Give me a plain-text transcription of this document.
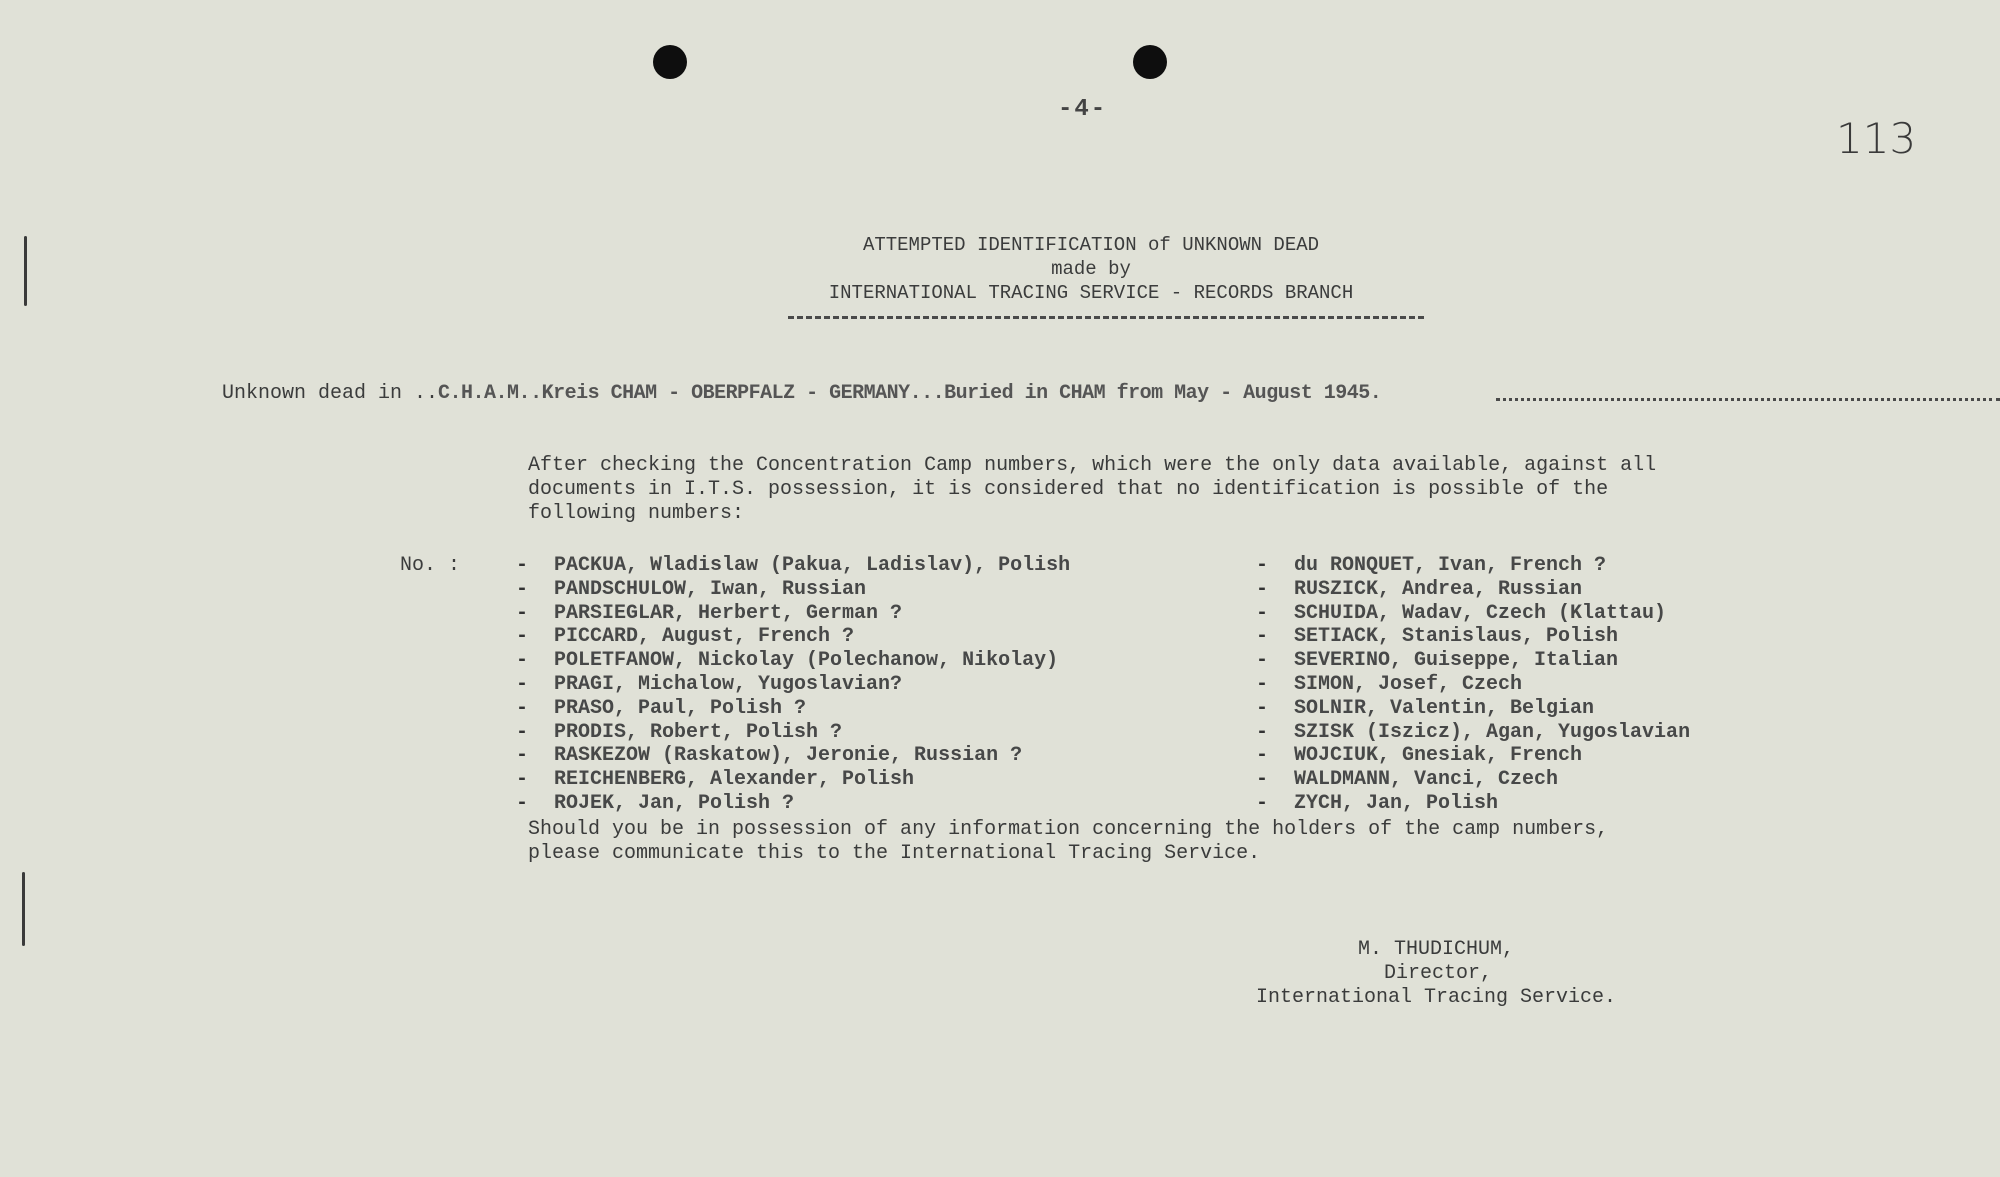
-4-
113
ATTEMPTED IDENTIFICATION of UNKNOWN DEAD
made by
INTERNATIONAL TRACING SERVICE - RECORDS BRANCH
Unknown dead in ..C.H.A.M..Kreis CHAM - OBERPFALZ - GERMANY...Buried in CHAM from May - August 1945.
After checking the Concentration Camp numbers, which were the only data available, against all
documents in I.T.S. possession, it is considered that no identification is possible of the
following numbers:
No. :	- PACKUA, Wladislaw (Pakua, Ladislav), Polish
- PANDSCHULOW, Iwan, Russian
- PARSIEGLAR, Herbert, German ?
- PICCARD, August, French ?
- POLETFANOW, Nickolay (Polechanow, Nikolay)
- PRAGI, Michalow, Yugoslavian?
- PRASO, Paul, Polish ?
- PRODIS, Robert, Polish ?
- RASKEZOW (Raskatow), Jeronie, Russian ?
- REICHENBERG, Alexander, Polish
- ROJEK, Jan, Polish ?
- du RONQUET, Ivan, French ?
- RUSZICK, Andrea, Russian
- SCHUIDA, Wadav, Czech (Klattau)
- SETIACK, Stanislaus, Polish
- SEVERINO, Guiseppe, Italian
- SIMON, Josef, Czech
- SOLNIR, Valentin, Belgian
- SZISK (Iszicz), Agan, Yugoslavian
- WOJCIUK, Gnesiak, French
- WALDMANN, Vanci, Czech
- ZYCH, Jan, Polish
Should you be in possession of any information concerning the holders of the camp numbers,
please communicate this to the International Tracing Service.
M. THUDICHUM,
Director,
International Tracing Service.
